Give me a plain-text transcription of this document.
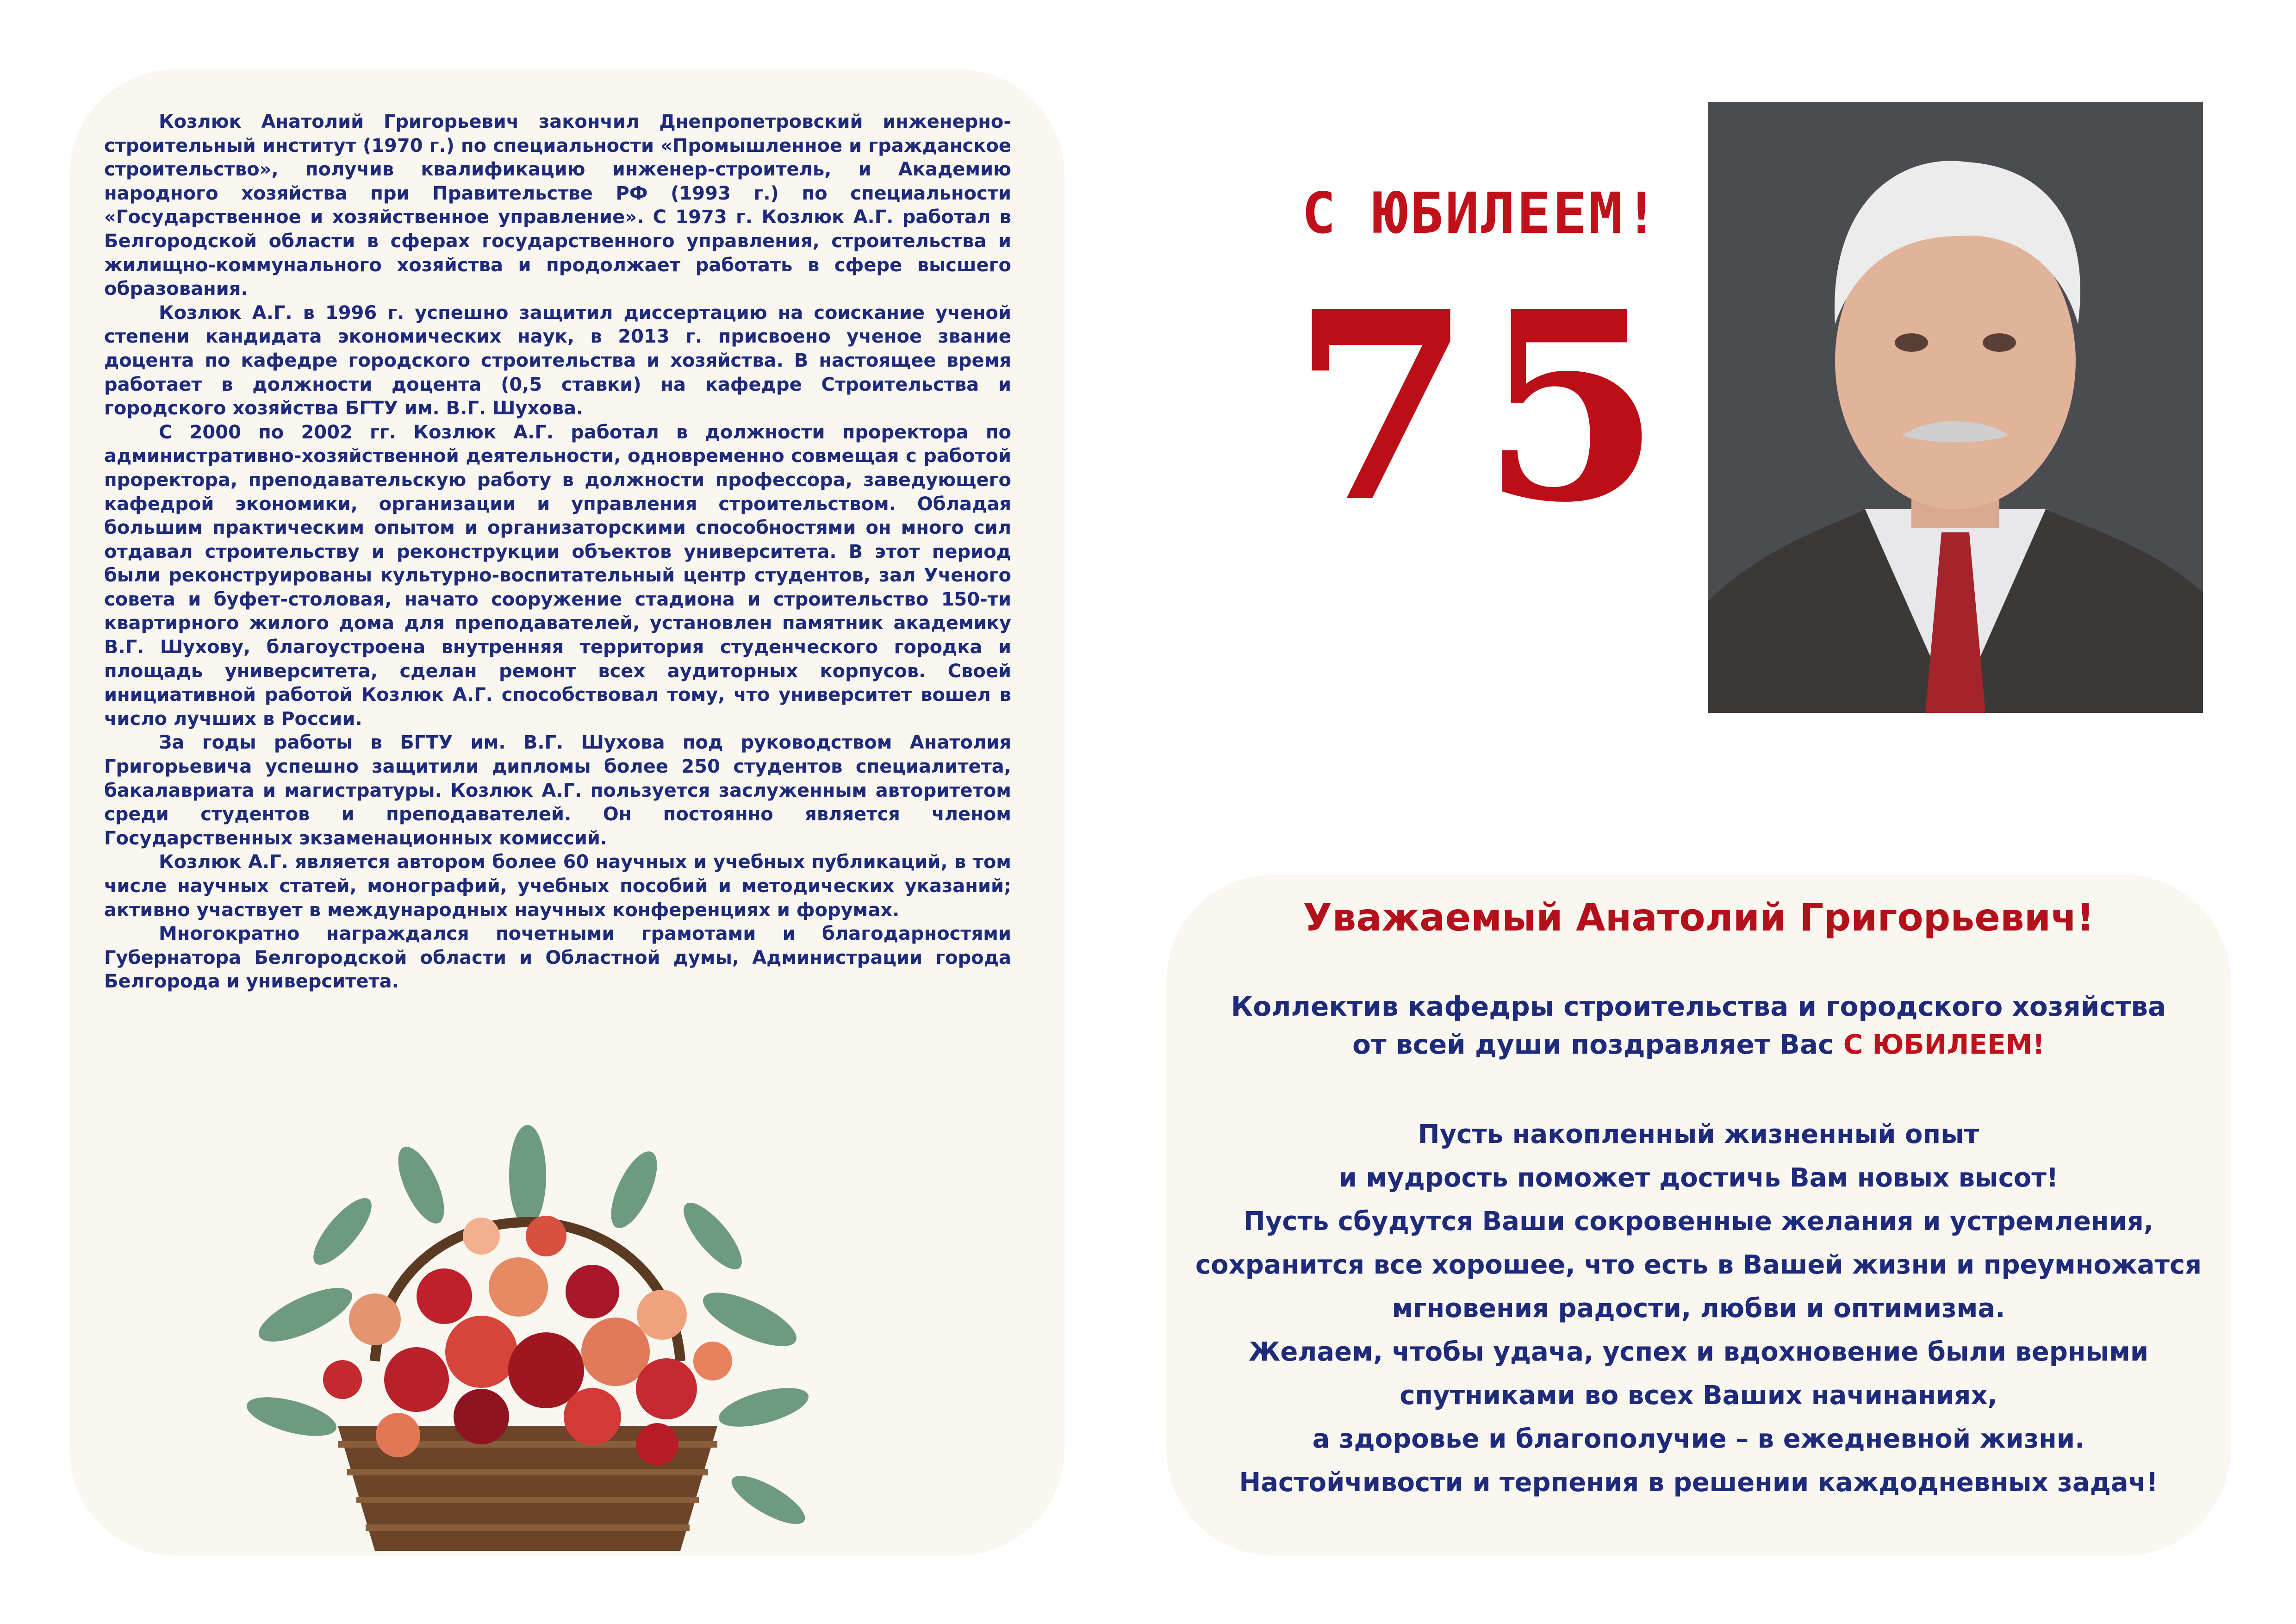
Козлюк Анатолий Григорьевич закончил Днепропетровский инженерно-строительный институт (1970 г.) по специальности «Промышленное и гражданское строительство», получив квалификацию инженер-строитель, и Академию народного хозяйства при Правительстве РФ (1993 г.) по специальности «Государственное и хозяйственное управление». С 1973 г. Козлюк А.Г. работал в Белгородской области в сферах государственного управления, строительства и жилищно-коммунального хозяйства и продолжает работать в сфере высшего образования.

Козлюк А.Г. в 1996 г. успешно защитил диссертацию на соискание ученой степени кандидата экономических наук, в 2013 г. присвоено ученое звание доцента по кафедре городского строительства и хозяйства. В настоящее время работает в должности доцента (0,5 ставки) на кафедре Строительства и городского хозяйства БГТУ им. В.Г. Шухова.

С 2000 по 2002 гг. Козлюк А.Г. работал в должности проректора по административно-хозяйственной деятельности, одновременно совмещая с работой проректора, преподавательскую работу в должности профессора, заведующего кафедрой экономики, организации и управления строительством. Обладая большим практическим опытом и организаторскими способностями он много сил отдавал строительству и реконструкции объектов университета. В этот период были реконструированы культурно-воспитательный центр студентов, зал Ученого совета и буфет-столовая, начато сооружение стадиона и строительство 150-ти квартирного жилого дома для преподавателей, установлен памятник академику В.Г. Шухову, благоустроена внутренняя территория студенческого городка и площадь университета, сделан ремонт всех аудиторных корпусов. Своей инициативной работой Козлюк А.Г. способствовал тому, что университет вошел в число лучших в России.

За годы работы в БГТУ им. В.Г. Шухова под руководством Анатолия Григорьевича успешно защитили дипломы более 250 студентов специалитета, бакалавриата и магистратуры. Козлюк А.Г. пользуется заслуженным авторитетом среди студентов и преподавателей. Он постоянно является членом Государственных экзаменационных комиссий.

Козлюк А.Г. является автором более 60 научных и учебных публикаций, в том числе научных статей, монографий, учебных пособий и методических указаний; активно участвует в международных научных конференциях и форумах.

Многократно награждался почетными грамотами и благодарностями Губернатора Белгородской области и Областной думы, Администрации города Белгорода и университета.

С ЮБИЛЕЕМ!
75
Уважаемый Анатолий Григорьевич!
Коллектив кафедры строительства и городского хозяйства
от всей души поздравляет Вас С ЮБИЛЕЕМ!
Пусть накопленный жизненный опыт
и мудрость поможет достичь Вам новых высот!
Пусть сбудутся Ваши сокровенные желания и устремления,
сохранится все хорошее, что есть в Вашей жизни и преумножатся
мгновения радости, любви и оптимизма.
Желаем, чтобы удача, успех и вдохновение были верными
спутниками во всех Ваших начинаниях,
а здоровье и благополучие – в ежедневной жизни.
Настойчивости и терпения в решении каждодневных задач!
